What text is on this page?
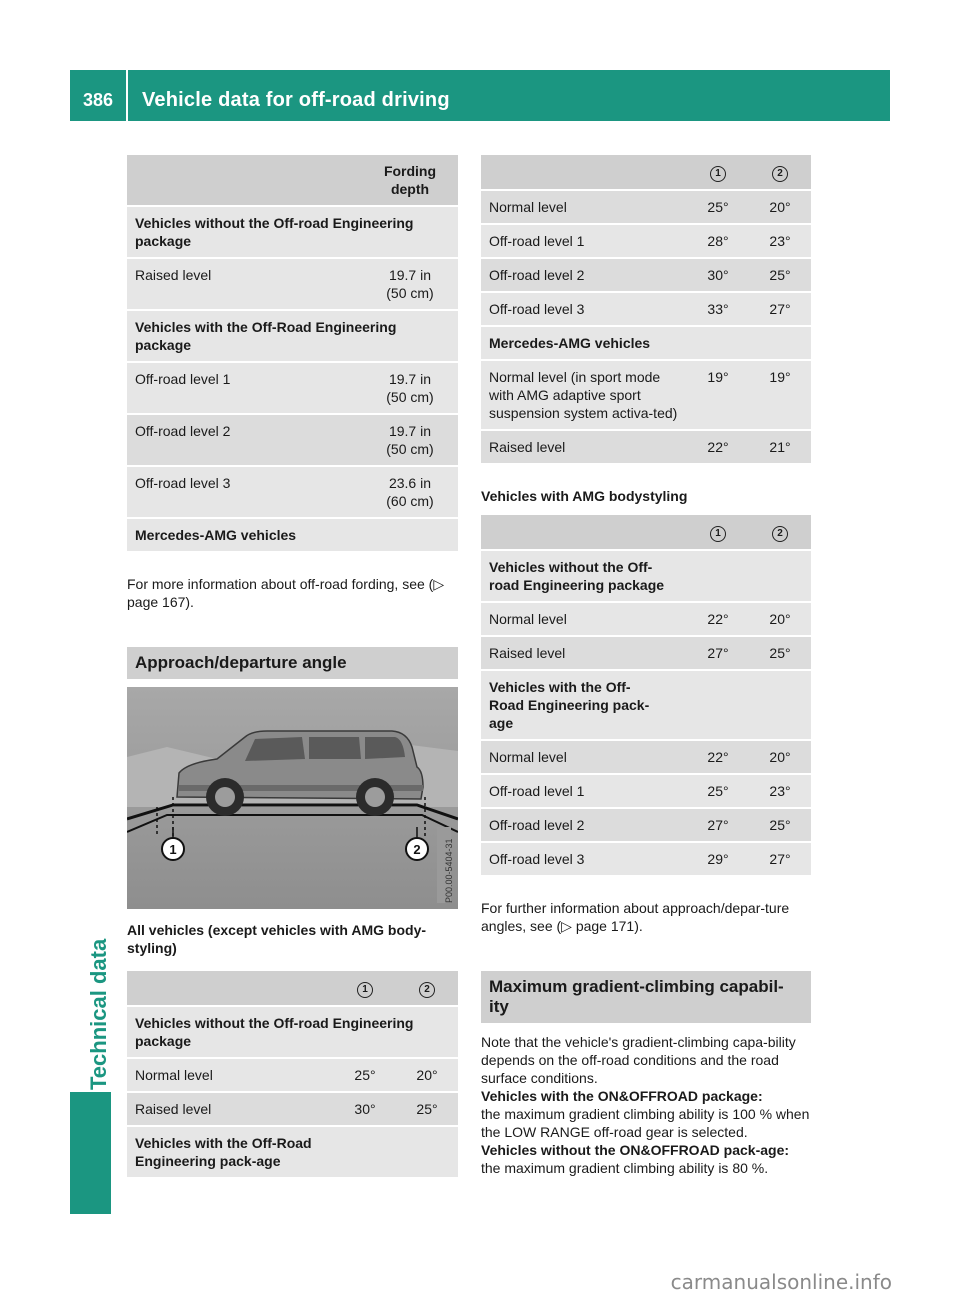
386	Vehicle data for off-road driving
Technical data
	Fording depth
Vehicles without the Off-road Engineering package	
Raised level	19.7 in
(50 cm)
Vehicles with the Off-Road Engineering package	
Off-road level 1	19.7 in
(50 cm)
Off-road level 2	19.7 in
(50 cm)
Off-road level 3	23.6 in
(60 cm)
Mercedes-AMG vehicles	

For more information about off-road fording, see (▷ page 167).

Approach/departure angle
1	2	P00.00-5404-31
All vehicles (except vehicles with AMG body-styling)
	1	2
Vehicles without the Off-road Engineering package		
Normal level	25°	20°
Raised level	30°	25°
Vehicles with the Off-Road Engineering pack-age		
	1	2
Normal level	25°	20°
Off-road level 1	28°	23°
Off-road level 2	30°	25°
Off-road level 3	33°	27°
Mercedes-AMG vehicles		
Normal level (in sport mode with AMG adaptive sport suspension system activa-ted)	19°	19°
Raised level	22°	21°
Vehicles with AMG bodystyling
	1	2
Vehicles without the Off-road Engineering package		
Normal level	22°	20°
Raised level	27°	25°
Vehicles with the Off-Road Engineering pack-age		
Normal level	22°	20°
Off-road level 1	25°	23°
Off-road level 2	27°	25°
Off-road level 3	29°	27°

For further information about approach/depar-ture angles, see (▷ page 171).

Maximum gradient-climbing capabil-ity

Note that the vehicle's gradient-climbing capa-bility depends on the off-road conditions and the road surface conditions.

Vehicles with the ON&OFFROAD package:
the maximum gradient climbing ability is 100 % when the LOW RANGE off-road gear is selected.

Vehicles without the ON&OFFROAD pack-age: the maximum gradient climbing ability is 80 %.

carmanualsonline.info
